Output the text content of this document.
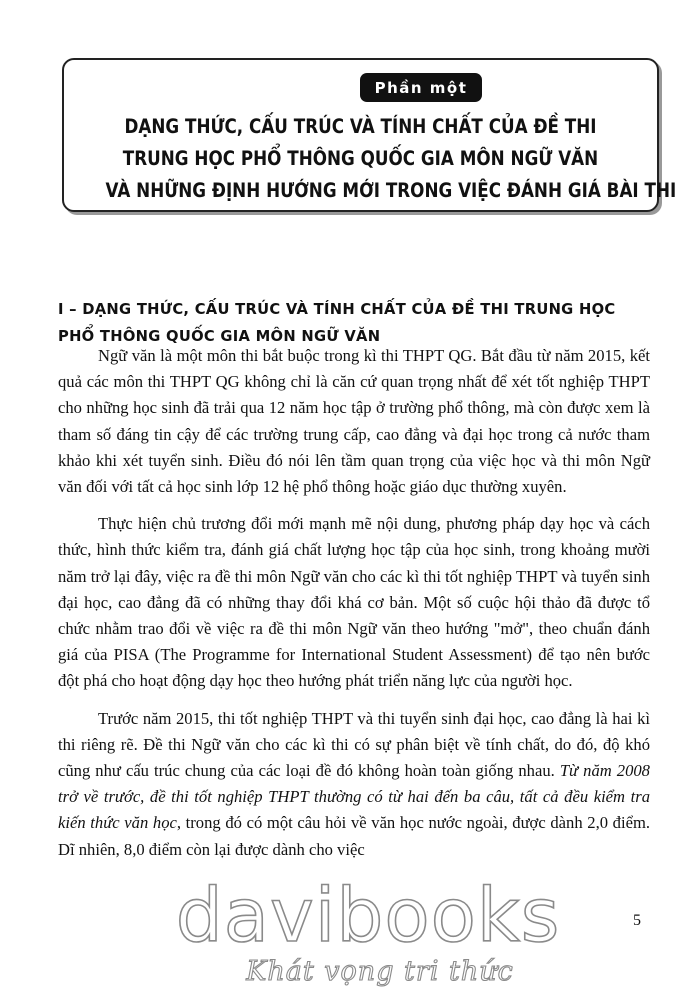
Phần một
DẠNG THỨC, CẤU TRÚC VÀ TÍNH CHẤT CỦA ĐỀ THI
TRUNG HỌC PHỔ THÔNG QUỐC GIA MÔN NGỮ VĂN
VÀ NHỮNG ĐỊNH HƯỚNG MỚI TRONG VIỆC ĐÁNH GIÁ BÀI THI
I – DẠNG THỨC, CẤU TRÚC VÀ TÍNH CHẤT CỦA ĐỀ THI TRUNG HỌC
PHỔ THÔNG QUỐC GIA MÔN NGỮ VĂN

Ngữ văn là một môn thi bắt buộc trong kì thi THPT QG. Bắt đầu từ năm 2015, kết quả các môn thi THPT QG không chỉ là căn cứ quan trọng nhất để xét tốt nghiệp THPT cho những học sinh đã trải qua 12 năm học tập ở trường phổ thông, mà còn được xem là tham số đáng tin cậy để các trường trung cấp, cao đẳng và đại học trong cả nước tham khảo khi xét tuyển sinh. Điều đó nói lên tầm quan trọng của việc học và thi môn Ngữ văn đối với tất cả học sinh lớp 12 hệ phổ thông hoặc giáo dục thường xuyên.

Thực hiện chủ trương đổi mới mạnh mẽ nội dung, phương pháp dạy học và cách thức, hình thức kiểm tra, đánh giá chất lượng học tập của học sinh, trong khoảng mười năm trở lại đây, việc ra đề thi môn Ngữ văn cho các kì thi tốt nghiệp THPT và tuyển sinh đại học, cao đẳng đã có những thay đổi khá cơ bản. Một số cuộc hội thảo đã được tổ chức nhằm trao đổi về việc ra đề thi môn Ngữ văn theo hướng "mở", theo chuẩn đánh giá của PISA (The Programme for International Student Assessment) để tạo nên bước đột phá cho hoạt động dạy học theo hướng phát triển năng lực của người học.

Trước năm 2015, thi tốt nghiệp THPT và thi tuyển sinh đại học, cao đẳng là hai kì thi riêng rẽ. Đề thi Ngữ văn cho các kì thi có sự phân biệt về tính chất, do đó, độ khó cũng như cấu trúc chung của các loại đề đó không hoàn toàn giống nhau. Từ năm 2008 trở về trước, đề thi tốt nghiệp THPT thường có từ hai đến ba câu, tất cả đều kiểm tra kiến thức văn học, trong đó có một câu hỏi về văn học nước ngoài, được dành 2,0 điểm. Dĩ nhiên, 8,0 điểm còn lại được dành cho việc

davibooks
Khát vọng tri thức
5
